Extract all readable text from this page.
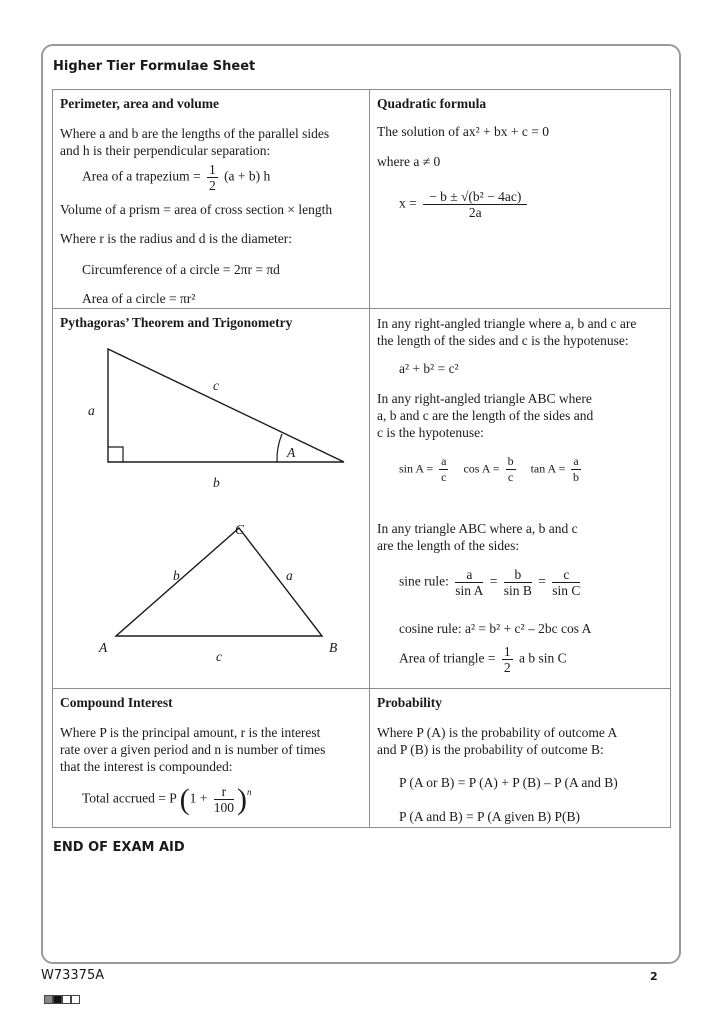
Higher Tier Formulae Sheet
Perimeter, area and volume
Where a and b are the lengths of the parallel sides
and h is their perpendicular separation:
Area of a trapezium = $\frac{1}{2} (a + b)$ h
Volume of a prism = area of cross section × length
Where r is the radius and d is the diameter:
Circumference of a circle = 2πr = πd
Area of a circle = πr²
Quadratic formula
The solution of ax² + bx + c = 0
where a ≠ 0
$x = \frac{\text{− b ± √(b² − 4ac)}}{2a}$
Pythagoras’ Theorem and Trigonometry
a
c
A
b
C
b	a
A	B
c
In any right-angled triangle where a, b and c are
the length of the sides and c is the hypotenuse:
a² + b² = c²
In any right-angled triangle ABC where
a, b and c are the length of the sides and
c is the hypotenuse:
$\sin A = \frac{a}{c}$ $\cos A = \frac{b}{c}$ $\tan A = \frac{a}{b}$
In any triangle ABC where a, b and c
are the length of the sides:
sine rule: $\frac{a}{\text{sin A}} = \frac{b}{\text{sin B}} = \frac{c}{\text{sin C}}$
cosine rule: a² = b² + c² – 2bc cos A
Area of triangle = $\frac{1}{2}$ a b sin C
Compound Interest
Where P is the principal amount, r is the interest
rate over a given period and n is number of times
that the interest is compounded:
Total accrued = P $(1 + \frac{r}{100} )^n$
Probability
Where P (A) is the probability of outcome A
and P (B) is the probability of outcome B:
P (A or B) = P (A) + P (B) – P (A and B)
P (A and B) = P (A given B) P(B)
END OF EXAM AID
W73375A	2
